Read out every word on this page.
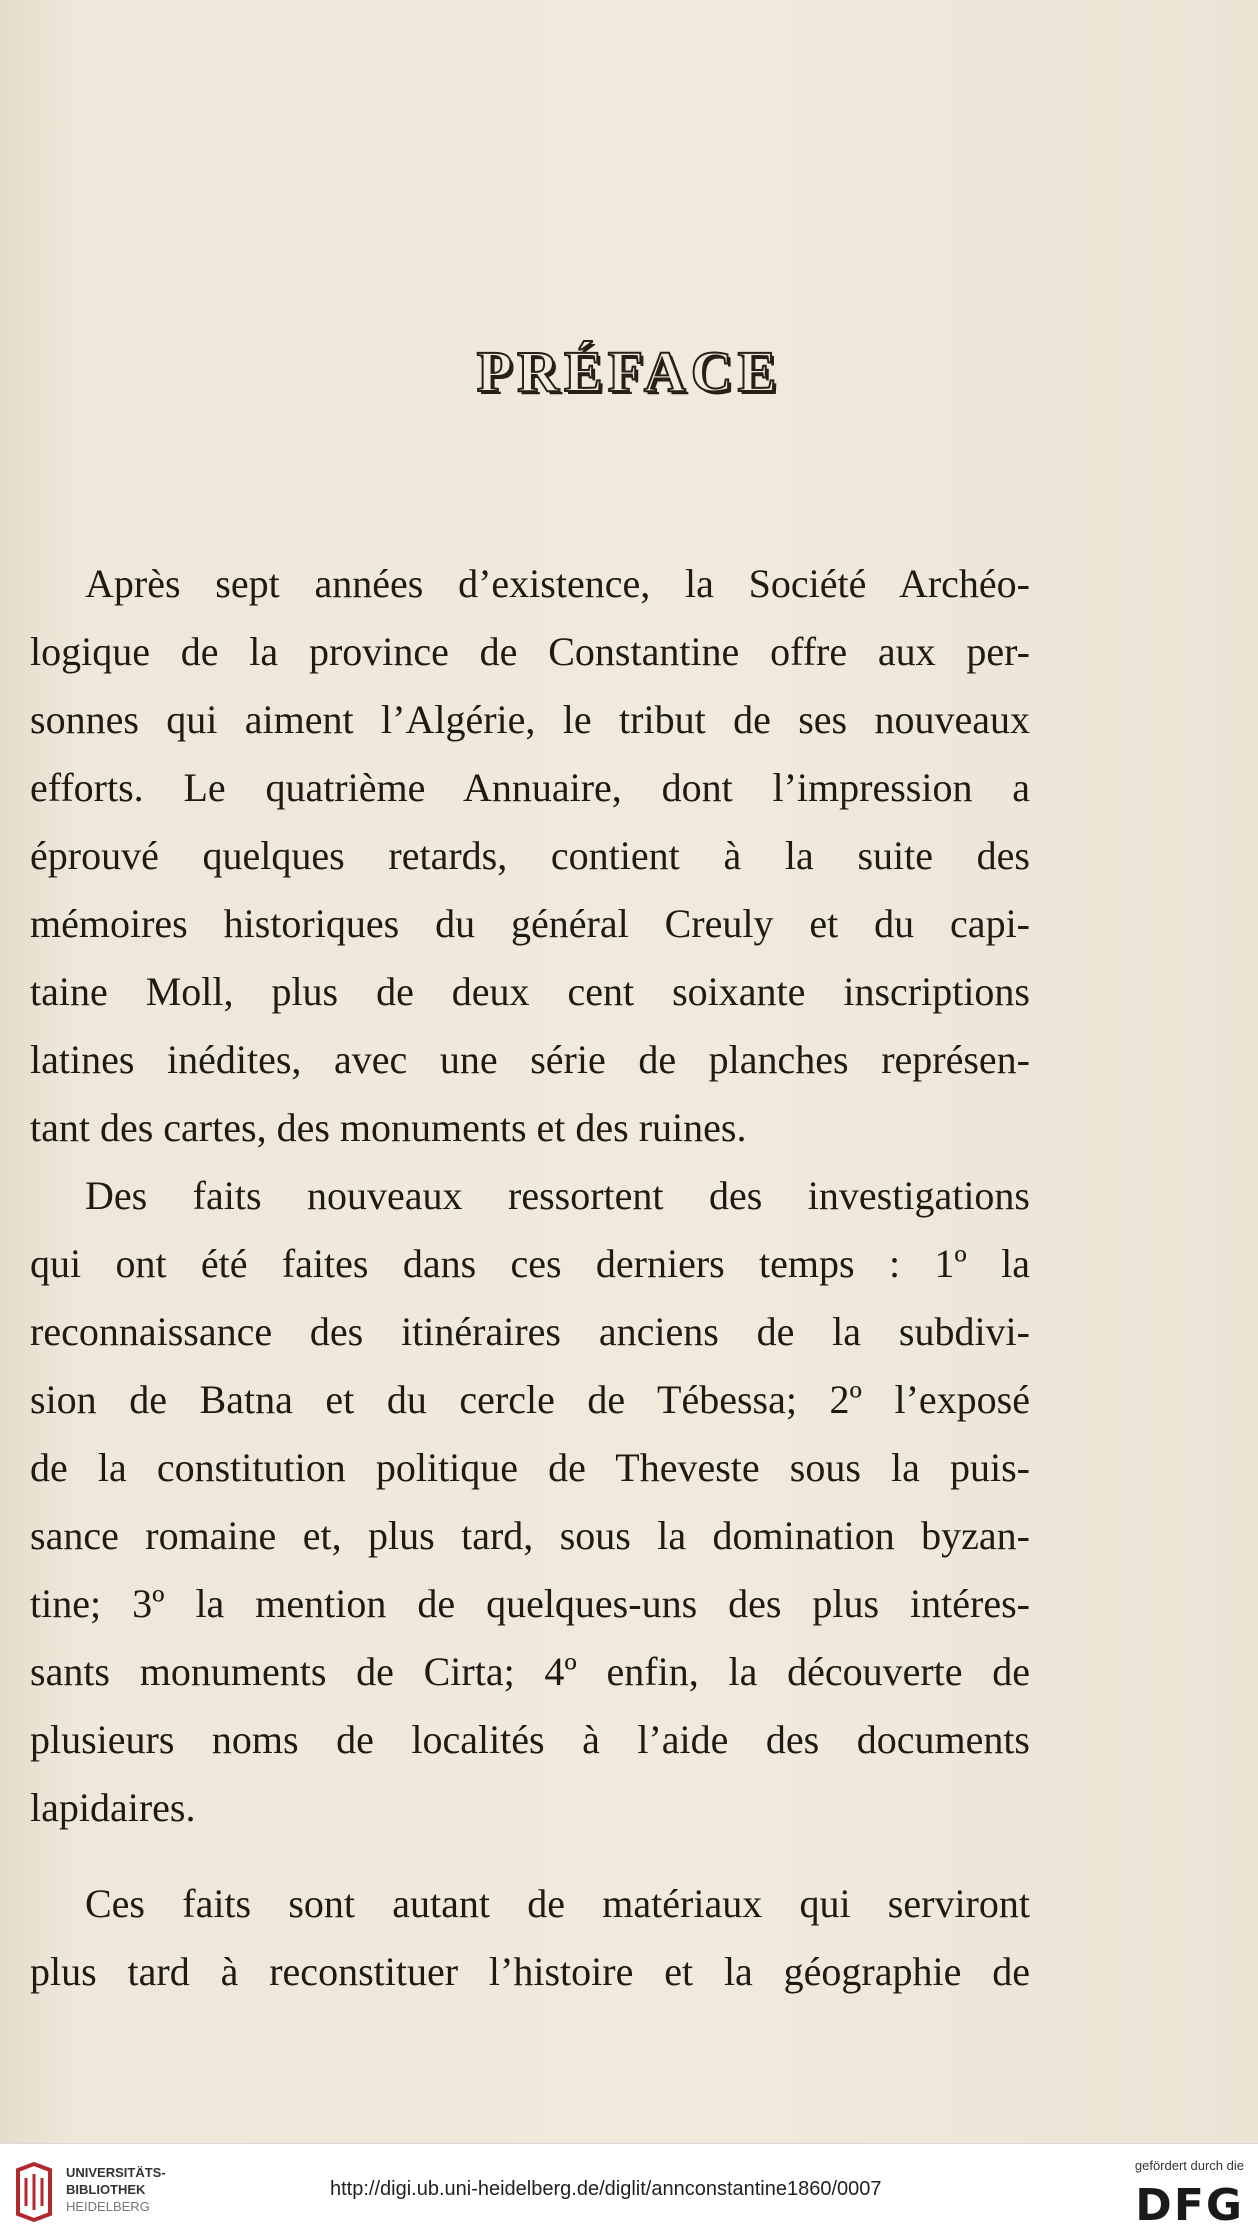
PRÉFACE
Après sept années d’existence, la Société Archéo-
logique de la province de Constantine offre aux per-
sonnes qui aiment l’Algérie, le tribut de ses nouveaux
efforts. Le quatrième Annuaire, dont l’impression a
éprouvé quelques retards, contient à la suite des
mémoires historiques du général Creuly et du capi-
taine Moll, plus de deux cent soixante inscriptions
latines inédites, avec une série de planches représen-
tant des cartes, des monuments et des ruines.
Des faits nouveaux ressortent des investigations
qui ont été faites dans ces derniers temps : 1º la
reconnaissance des itinéraires anciens de la subdivi-
sion de Batna et du cercle de Tébessa; 2º l’exposé
de la constitution politique de Theveste sous la puis-
sance romaine et, plus tard, sous la domination byzan-
tine; 3º la mention de quelques-uns des plus intéres-
sants monuments de Cirta; 4º enfin, la découverte de
plusieurs noms de localités à l’aide des documents
lapidaires.
Ces faits sont autant de matériaux qui serviront
plus tard à reconstituer l’histoire et la géographie de
UNIVERSITÄTS-
BIBLIOTHEK
HEIDELBERG
http://digi.ub.uni-heidelberg.de/diglit/annconstantine1860/0007
gefördert durch die
DFG
